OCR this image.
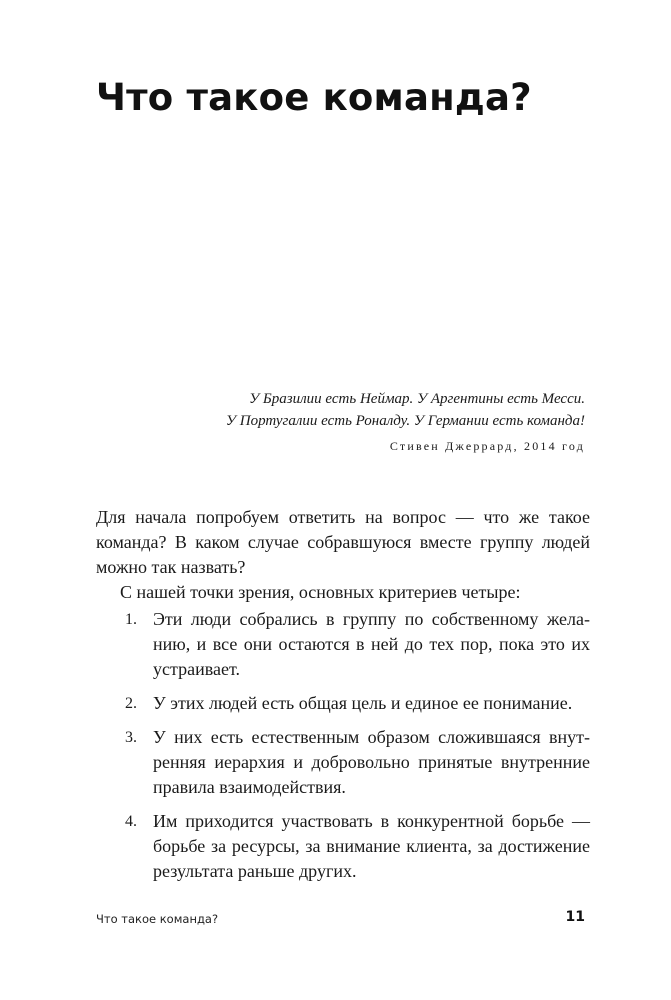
Что такое команда?
У Бразилии есть Неймар. У Аргентины есть Месси.
У Португалии есть Роналду. У Германии есть команда!
Стивен Джеррард, 2014 год

Для начала попробуем ответить на вопрос — что же такое
команда? В каком случае собравшуюся вместе группу людей
можно так назвать?

С нашей точки зрения, основных критериев четыре:

1. Эти люди собрались в группу по собственному жела-
нию, и все они остаются в ней до тех пор, пока это их
устраивает.
2. У этих людей есть общая цель и единое ее понимание.
3. У них есть естественным образом сложившаяся внут-
ренняя иерархия и добровольно принятые внутренние
правила взаимодействия.
4. Им приходится участвовать в конкурентной борьбе —
борьбе за ресурсы, за внимание клиента, за достижение
результата раньше других.
Что такое команда?	11
